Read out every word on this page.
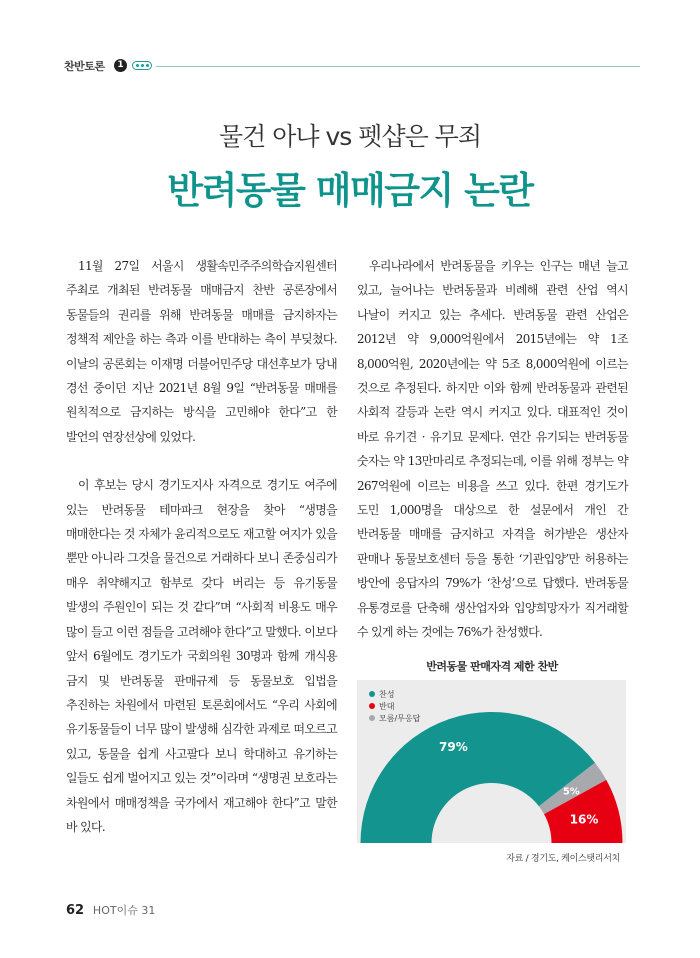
찬반토론	1
물건 아냐 vs 펫샵은 무죄
반려동물 매매금지 논란

11월 27일 서울시 생활속민주주의학습지원센터 주최로 개최된 반려동물 매매금지 찬반 공론장에서 동물들의 권리를 위해 반려동물 매매를 금지하자는 정책적 제안을 하는 측과 이를 반대하는 측이 부딪쳤다. 이날의 공론회는 이재명 더불어민주당 대선후보가 당내 경선 중이던 지난 2021년 8월 9일 “반려동물 매매를 원칙적으로 금지하는 방식을 고민해야 한다”고 한 발언의 연장선상에 있었다.

이 후보는 당시 경기도지사 자격으로 경기도 여주에 있는 반려동물 테마파크 현장을 찾아 “생명을 매매한다는 것 자체가 윤리적으로도 재고할 여지가 있을 뿐만 아니라 그것을 물건으로 거래하다 보니 존중심리가 매우 취약해지고 함부로 갖다 버리는 등 유기동물 발생의 주원인이 되는 것 같다”며 “사회적 비용도 매우 많이 들고 이런 점들을 고려해야 한다”고 말했다. 이보다 앞서 6월에도 경기도가 국회의원 30명과 함께 개식용 금지 및 반려동물 판매규제 등 동물보호 입법을 추진하는 차원에서 마련된 토론회에서도 “우리 사회에 유기동물들이 너무 많이 발생해 심각한 과제로 떠오르고 있고, 동물을 쉽게 사고팔다 보니 학대하고 유기하는 일들도 쉽게 벌어지고 있는 것”이라며 “생명권 보호라는 차원에서 매매정책을 국가에서 재고해야 한다”고 말한 바 있다.

우리나라에서 반려동물을 키우는 인구는 매년 늘고 있고, 늘어나는 반려동물과 비례해 관련 산업 역시 나날이 커지고 있는 추세다. 반려동물 관련 산업은 2012년 약 9,000억원에서 2015년에는 약 1조 8,000억원, 2020년에는 약 5조 8,000억원에 이르는 것으로 추정된다. 하지만 이와 함께 반려동물과 관련된 사회적 갈등과 논란 역시 커지고 있다. 대표적인 것이 바로 유기견 · 유기묘 문제다. 연간 유기되는 반려동물 숫자는 약 13만마리로 추정되는데, 이를 위해 정부는 약 267억원에 이르는 비용을 쓰고 있다. 한편 경기도가 도민 1,000명을 대상으로 한 설문에서 개인 간 반려동물 매매를 금지하고 자격을 허가받은 생산자 판매나 동물보호센터 등을 통한 ‘기관입양’만 허용하는 방안에 응답자의 79%가 ‘찬성’으로 답했다. 반려동물 유통경로를 단축해 생산업자와 입양희망자가 직거래할 수 있게 하는 것에는 76%가 찬성했다.

반려동물 판매자격 제한 찬반
79%
5%
16%
찬성
반대
모름/무응답
자료 / 경기도, 케이스탯리서치
62 HOT이슈 31
